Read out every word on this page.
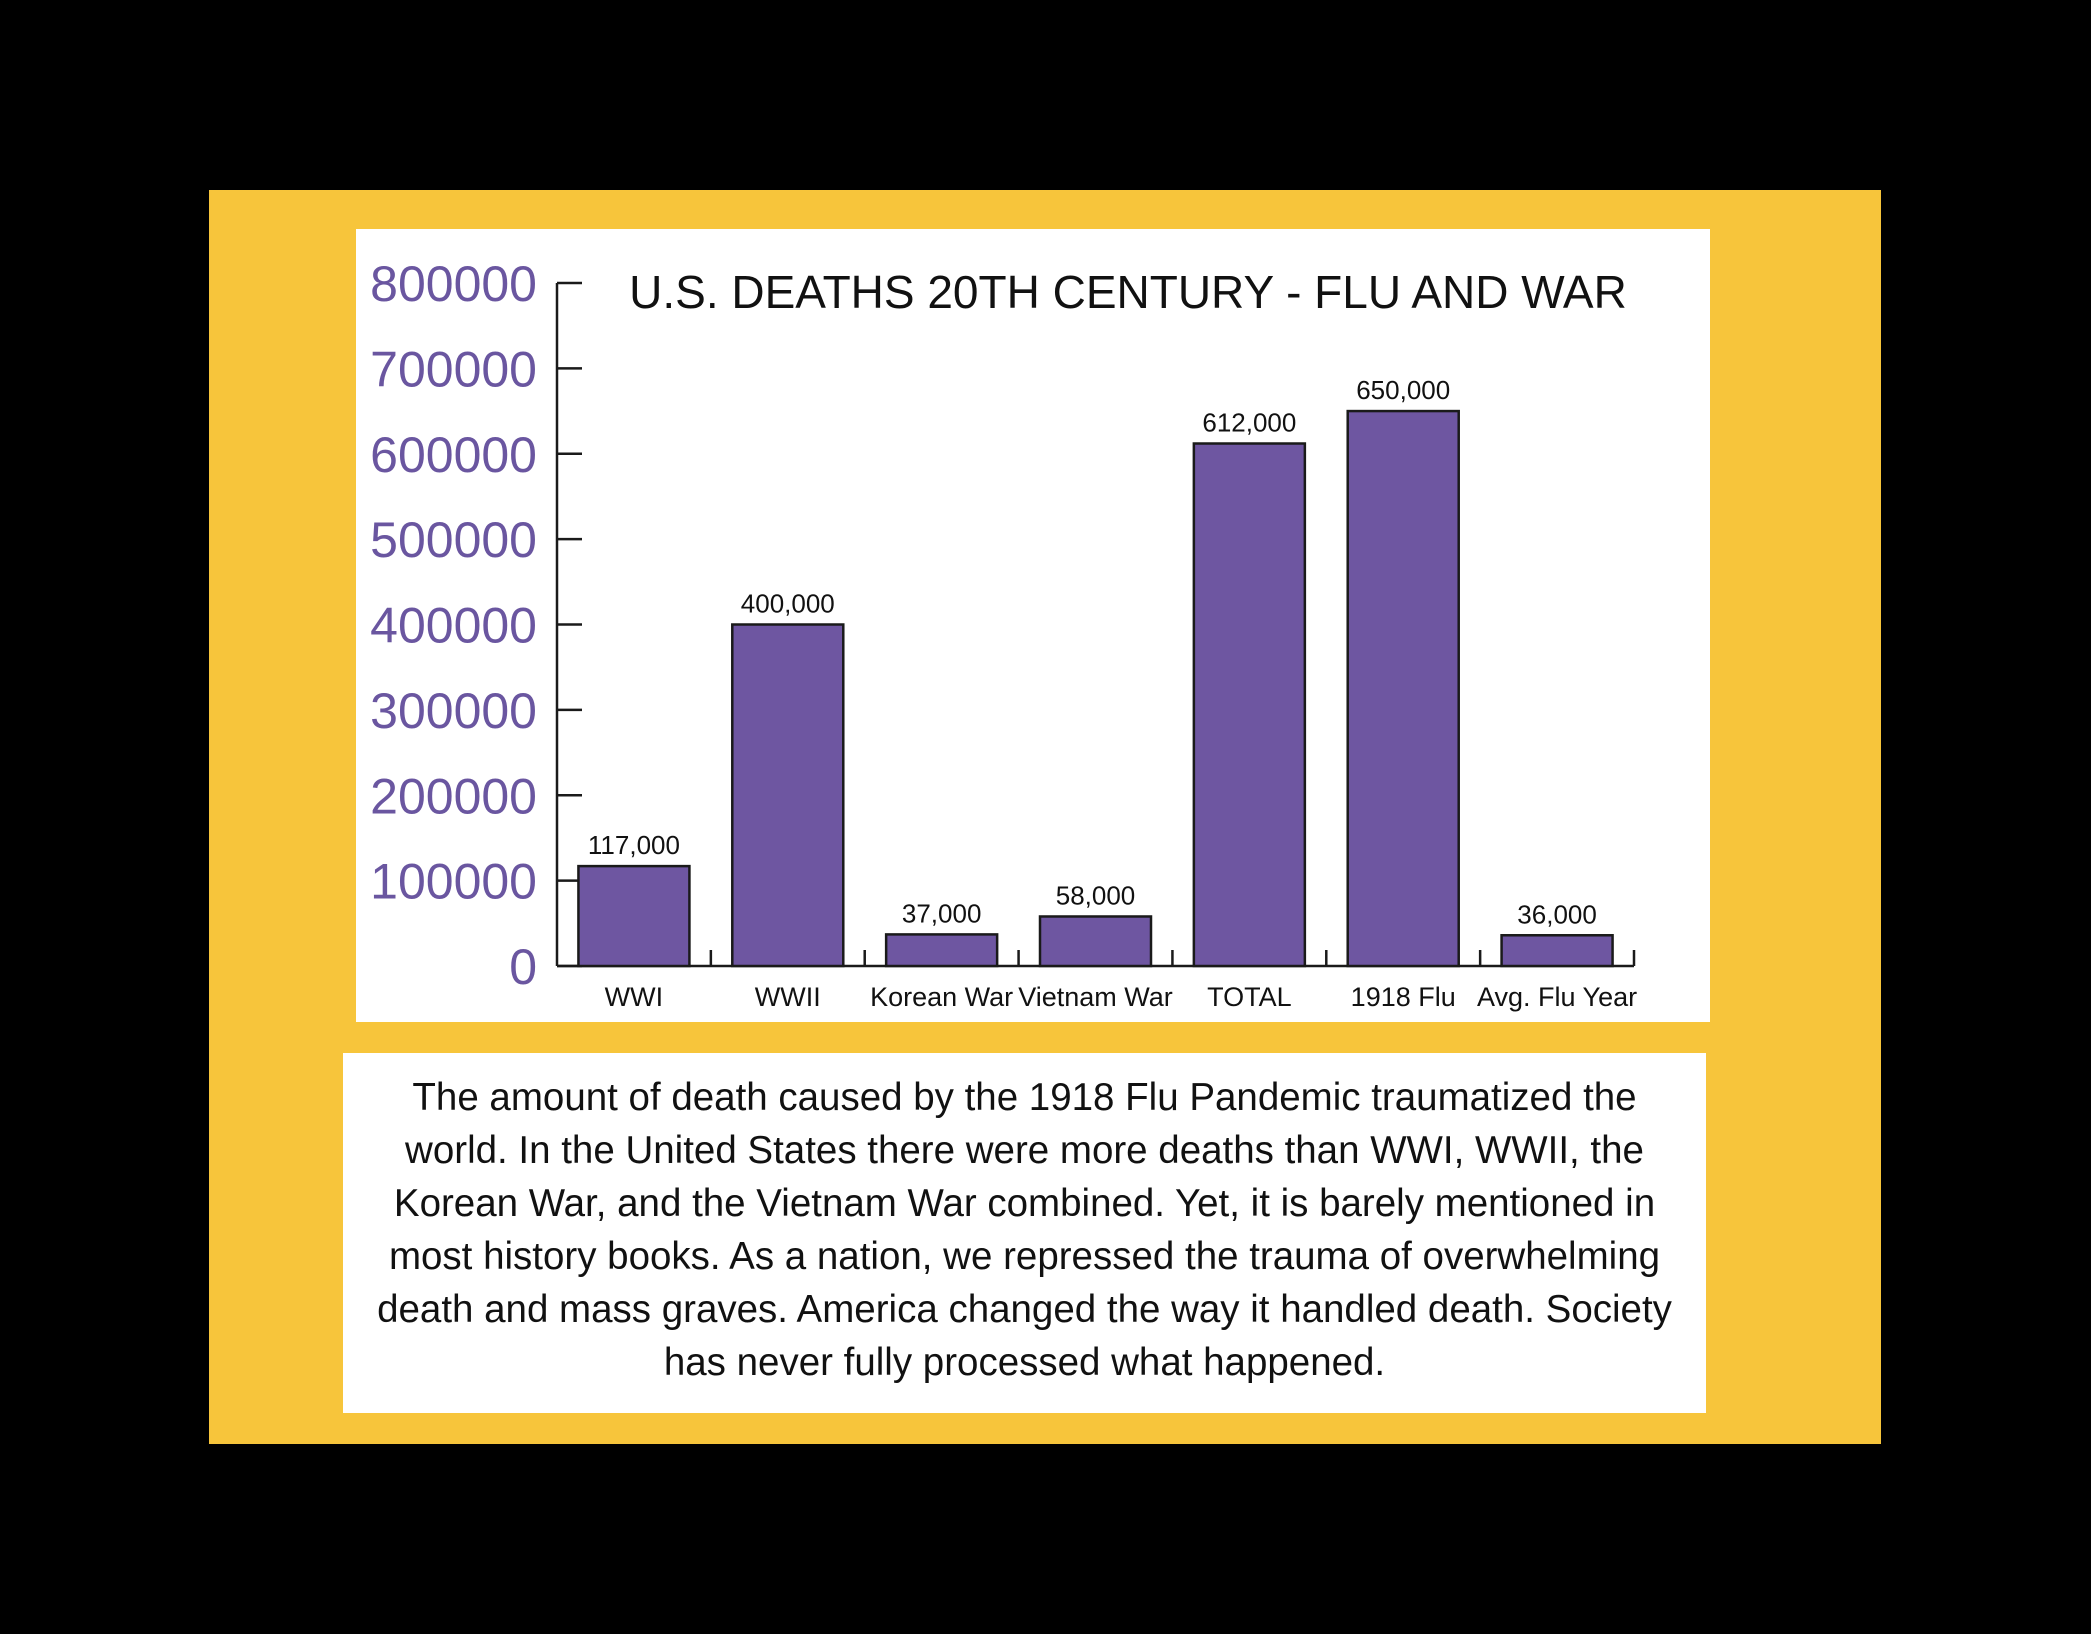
U.S. DEATHS 20TH CENTURY - FLU AND WAR
0
100000
200000
300000
400000
500000
600000
700000
800000
117,000
400,000
37,000
58,000
612,000
650,000
36,000
WWI	WWII Korean War Vietnam War TOTAL 1918 Flu Avg. Flu Year

The amount of death caused by the 1918 Flu Pandemic traumatized the world. In the United States there were more deaths than WWI, WWII, the Korean War, and the Vietnam War combined. Yet, it is barely mentioned in most history books. As a nation, we repressed the trauma of overwhelming death and mass graves. America changed the way it handled death. Society has never fully processed what happened.
